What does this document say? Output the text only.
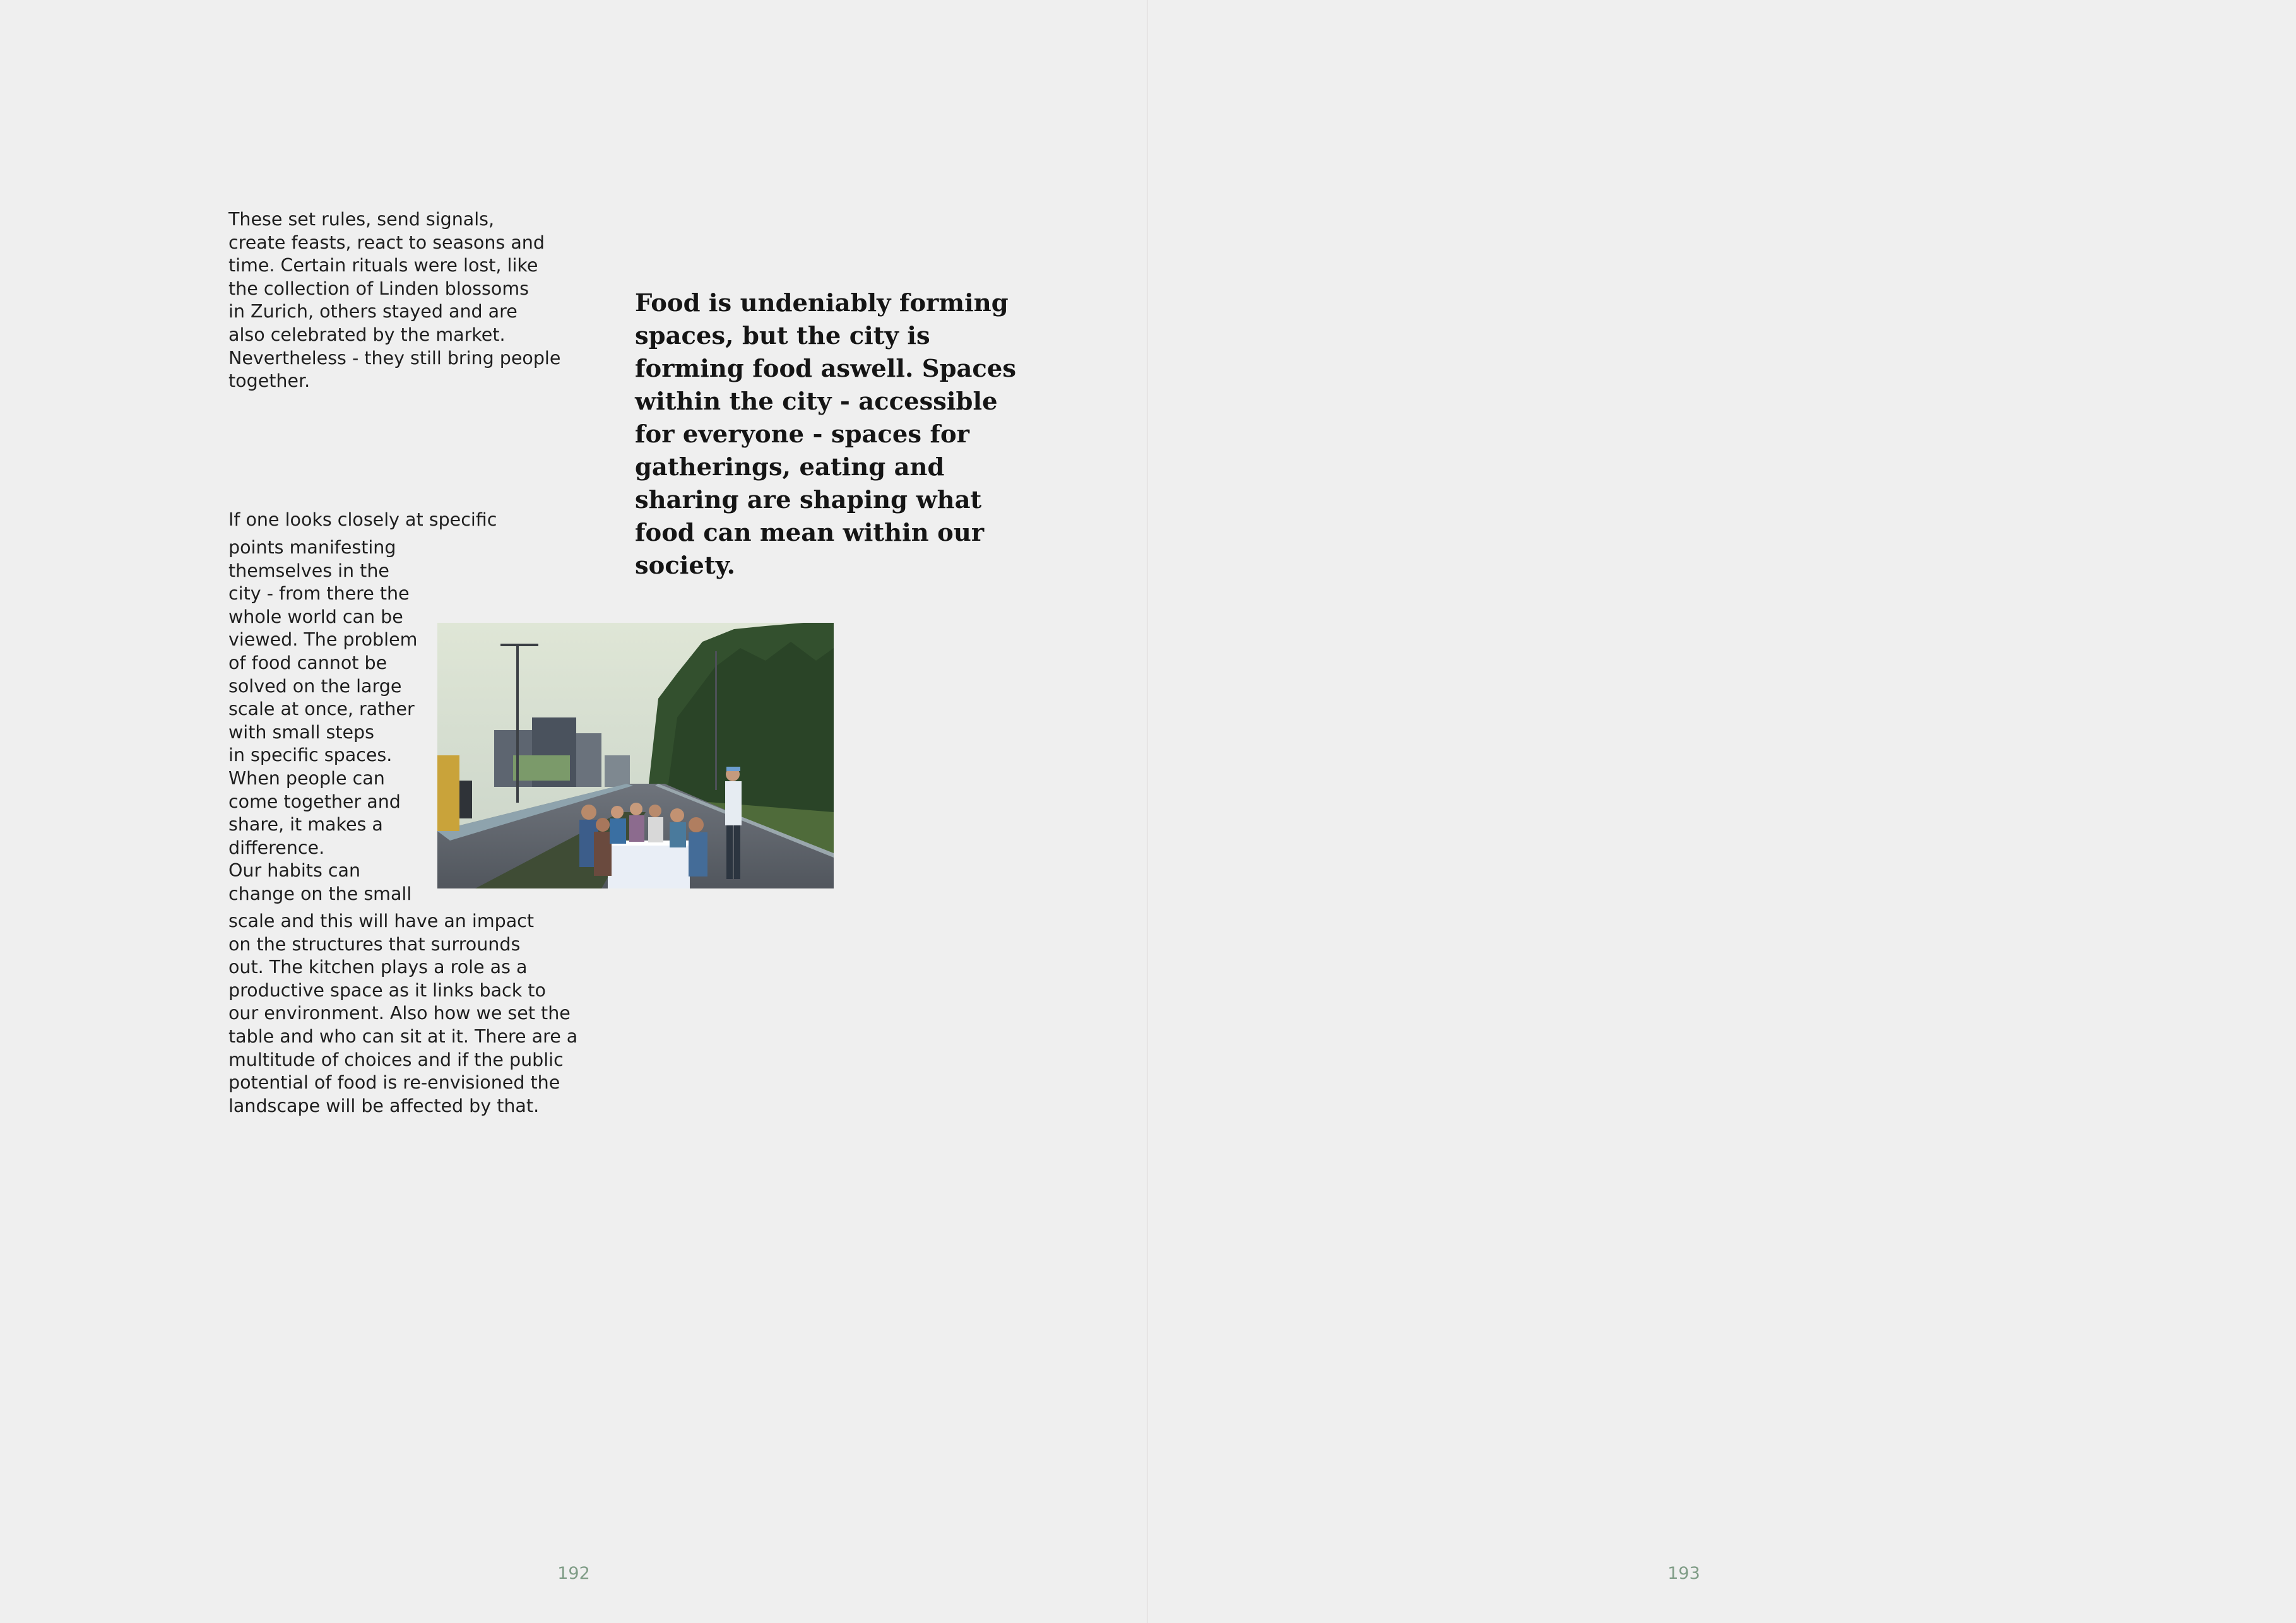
These set rules, send signals,
create feasts, react to seasons and
time. Certain rituals were lost, like
the collection of Linden blossoms
in Zurich, others stayed and are
also celebrated by the market.
Nevertheless - they still bring people
together.

If one looks closely at specific

points manifesting
themselves in the
city - from there the
whole world can be
viewed. The problem
of food cannot be
solved on the large
scale at once, rather
with small steps
in specific spaces.
When people can
come together and
share, it makes a
difference.
Our habits can
change on the small

scale and this will have an impact
on the structures that surrounds
out. The kitchen plays a role as a
productive space as it links back to
our environment. Also how we set the
table and who can sit at it. There are a
multitude of choices and if the public
potential of food is re-envisioned the
landscape will be affected by that.

Food is undeniably forming
spaces, but the city is
forming food aswell. Spaces
within the city - accessible
for everyone - spaces for
gatherings, eating and
sharing are shaping what
food can mean within our
society.

192	193
